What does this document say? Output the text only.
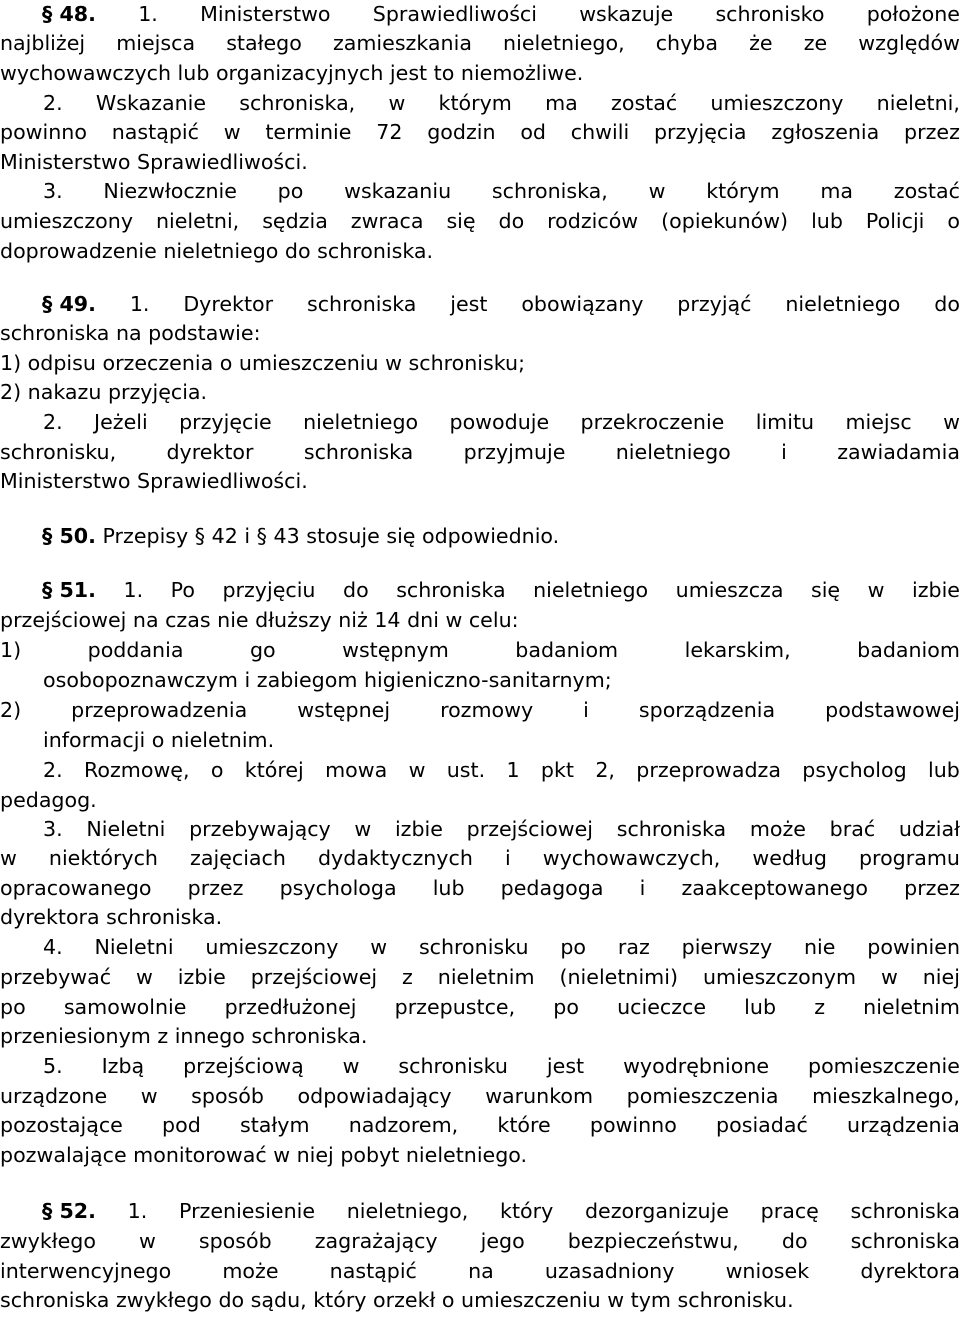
§ 48. 1. Ministerstwo Sprawiedliwości wskazuje schronisko położone
najbliżej miejsca stałego zamieszkania nieletniego, chyba że ze względów
wychowawczych lub organizacyjnych jest to niemożliwe.
2. Wskazanie schroniska, w którym ma zostać umieszczony nieletni,
powinno nastąpić w terminie 72 godzin od chwili przyjęcia zgłoszenia przez
Ministerstwo Sprawiedliwości.
3. Niezwłocznie po wskazaniu schroniska, w którym ma zostać
umieszczony nieletni, sędzia zwraca się do rodziców (opiekunów) lub Policji o
doprowadzenie nieletniego do schroniska.
§ 49. 1. Dyrektor schroniska jest obowiązany przyjąć nieletniego do
schroniska na podstawie:
1) odpisu orzeczenia o umieszczeniu w schronisku;
2) nakazu przyjęcia.
2. Jeżeli przyjęcie nieletniego powoduje przekroczenie limitu miejsc w
schronisku, dyrektor schroniska przyjmuje nieletniego i zawiadamia
Ministerstwo Sprawiedliwości.
§ 50. Przepisy § 42 i § 43 stosuje się odpowiednio.
§ 51. 1. Po przyjęciu do schroniska nieletniego umieszcza się w izbie
przejściowej na czas nie dłuższy niż 14 dni w celu:
1)	poddania	go	wstępnym	badaniom	lekarskim,	badaniom
osobopoznawczym i zabiegom higieniczno-sanitarnym;
2) przeprowadzenia wstępnej rozmowy i sporządzenia podstawowej
informacji o nieletnim.
2. Rozmowę, o której mowa w ust. 1 pkt 2, przeprowadza psycholog lub
pedagog.
3. Nieletni przebywający w izbie przejściowej schroniska może brać udział
w niektórych zajęciach dydaktycznych i wychowawczych, według programu
opracowanego przez psychologa lub pedagoga i zaakceptowanego przez
dyrektora schroniska.
4. Nieletni umieszczony w schronisku po raz pierwszy nie powinien
przebywać w izbie przejściowej z nieletnim (nieletnimi) umieszczonym w niej
po samowolnie przedłużonej przepustce, po ucieczce lub z nieletnim
przeniesionym z innego schroniska.
5. Izbą przejściową w schronisku jest wyodrębnione pomieszczenie
urządzone w sposób odpowiadający warunkom pomieszczenia mieszkalnego,
pozostające pod stałym nadzorem, które powinno posiadać urządzenia
pozwalające monitorować w niej pobyt nieletniego.
§ 52. 1. Przeniesienie nieletniego, który dezorganizuje pracę schroniska
zwykłego w sposób zagrażający jego bezpieczeństwu, do schroniska
interwencyjnego może nastąpić na uzasadniony wniosek dyrektora
schroniska zwykłego do sądu, który orzekł o umieszczeniu w tym schronisku.
